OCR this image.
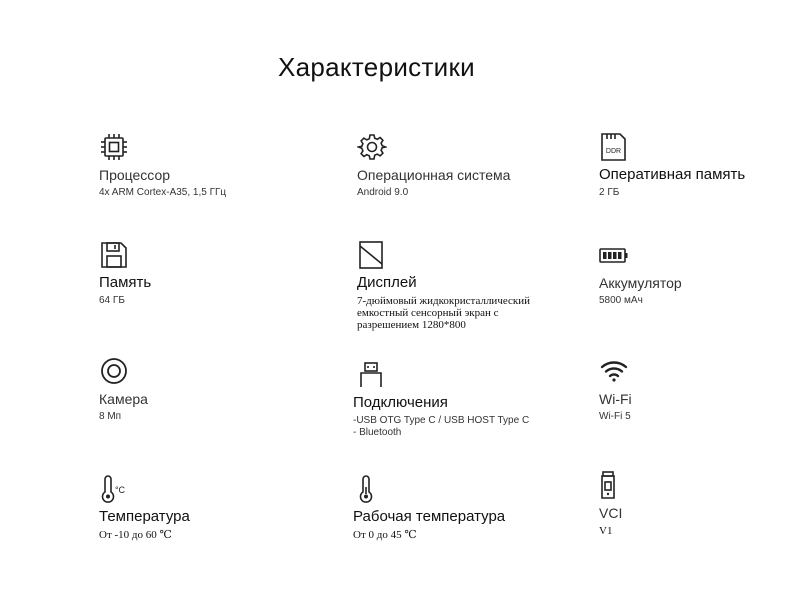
Характеристики
Процессор
4x ARM Cortex-A35, 1,5 ГГц
Операционная система
Android 9.0
DDR
Оперативная память
2 ГБ
Память
64 ГБ
Дисплей
7-дюймовый жидкокристаллический
емкостный сенсорный экран с
разрешением 1280*800
Аккумулятор
5800 мАч
Камера
8 Мп
Подключения
-USB OTG Type C / USB HOST Type C
- Bluetooth
Wi-Fi
Wi-Fi 5
°C
Температура
От -10 до 60 ℃
Рабочая температура
От 0 до 45 ℃
VCI
V1
